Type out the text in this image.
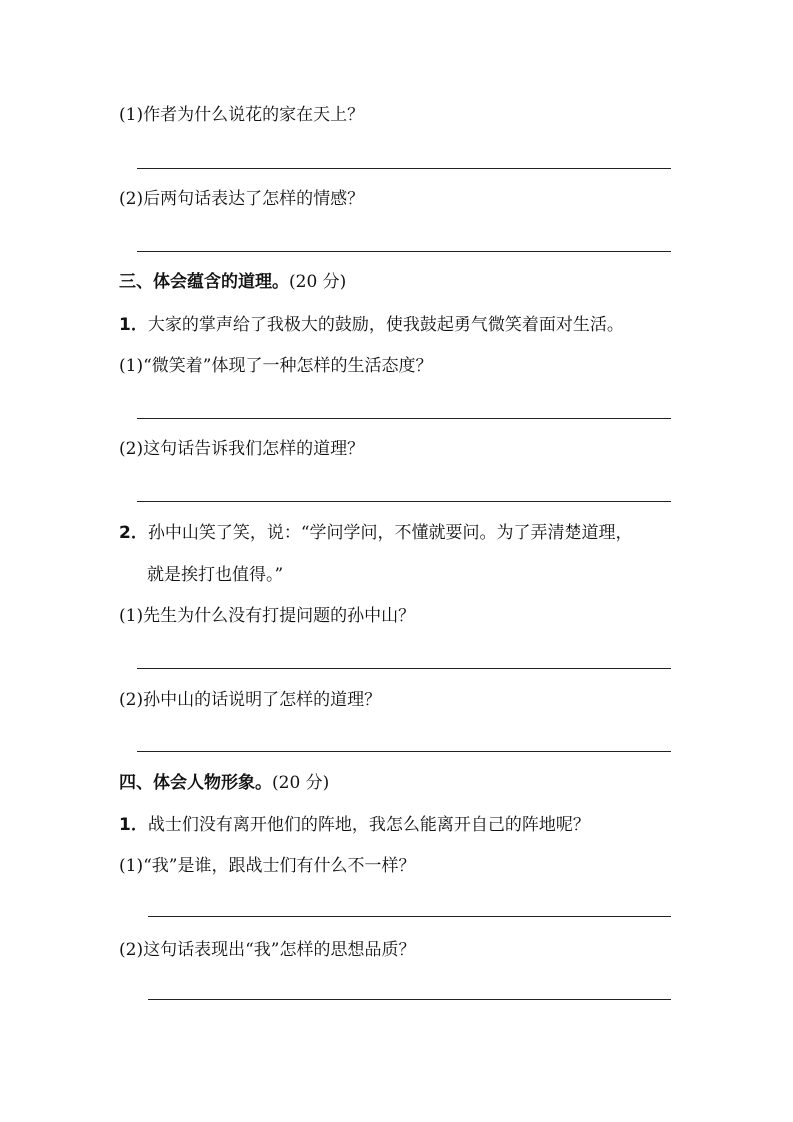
(1)作者为什么说花的家在天上？
(2)后两句话表达了怎样的情感？
三、体会蕴含的道理。(20 分)
1．大家的掌声给了我极大的鼓励，使我鼓起勇气微笑着面对生活。
(1)“微笑着”体现了一种怎样的生活态度？
(2)这句话告诉我们怎样的道理？
2．孙中山笑了笑，说：“学问学问，不懂就要问。为了弄清楚道理，
就是挨打也值得。”
(1)先生为什么没有打提问题的孙中山？
(2)孙中山的话说明了怎样的道理？
四、体会人物形象。(20 分)
1．战士们没有离开他们的阵地，我怎么能离开自己的阵地呢？
(1)“我”是谁，跟战士们有什么不一样？
(2)这句话表现出“我”怎样的思想品质？
